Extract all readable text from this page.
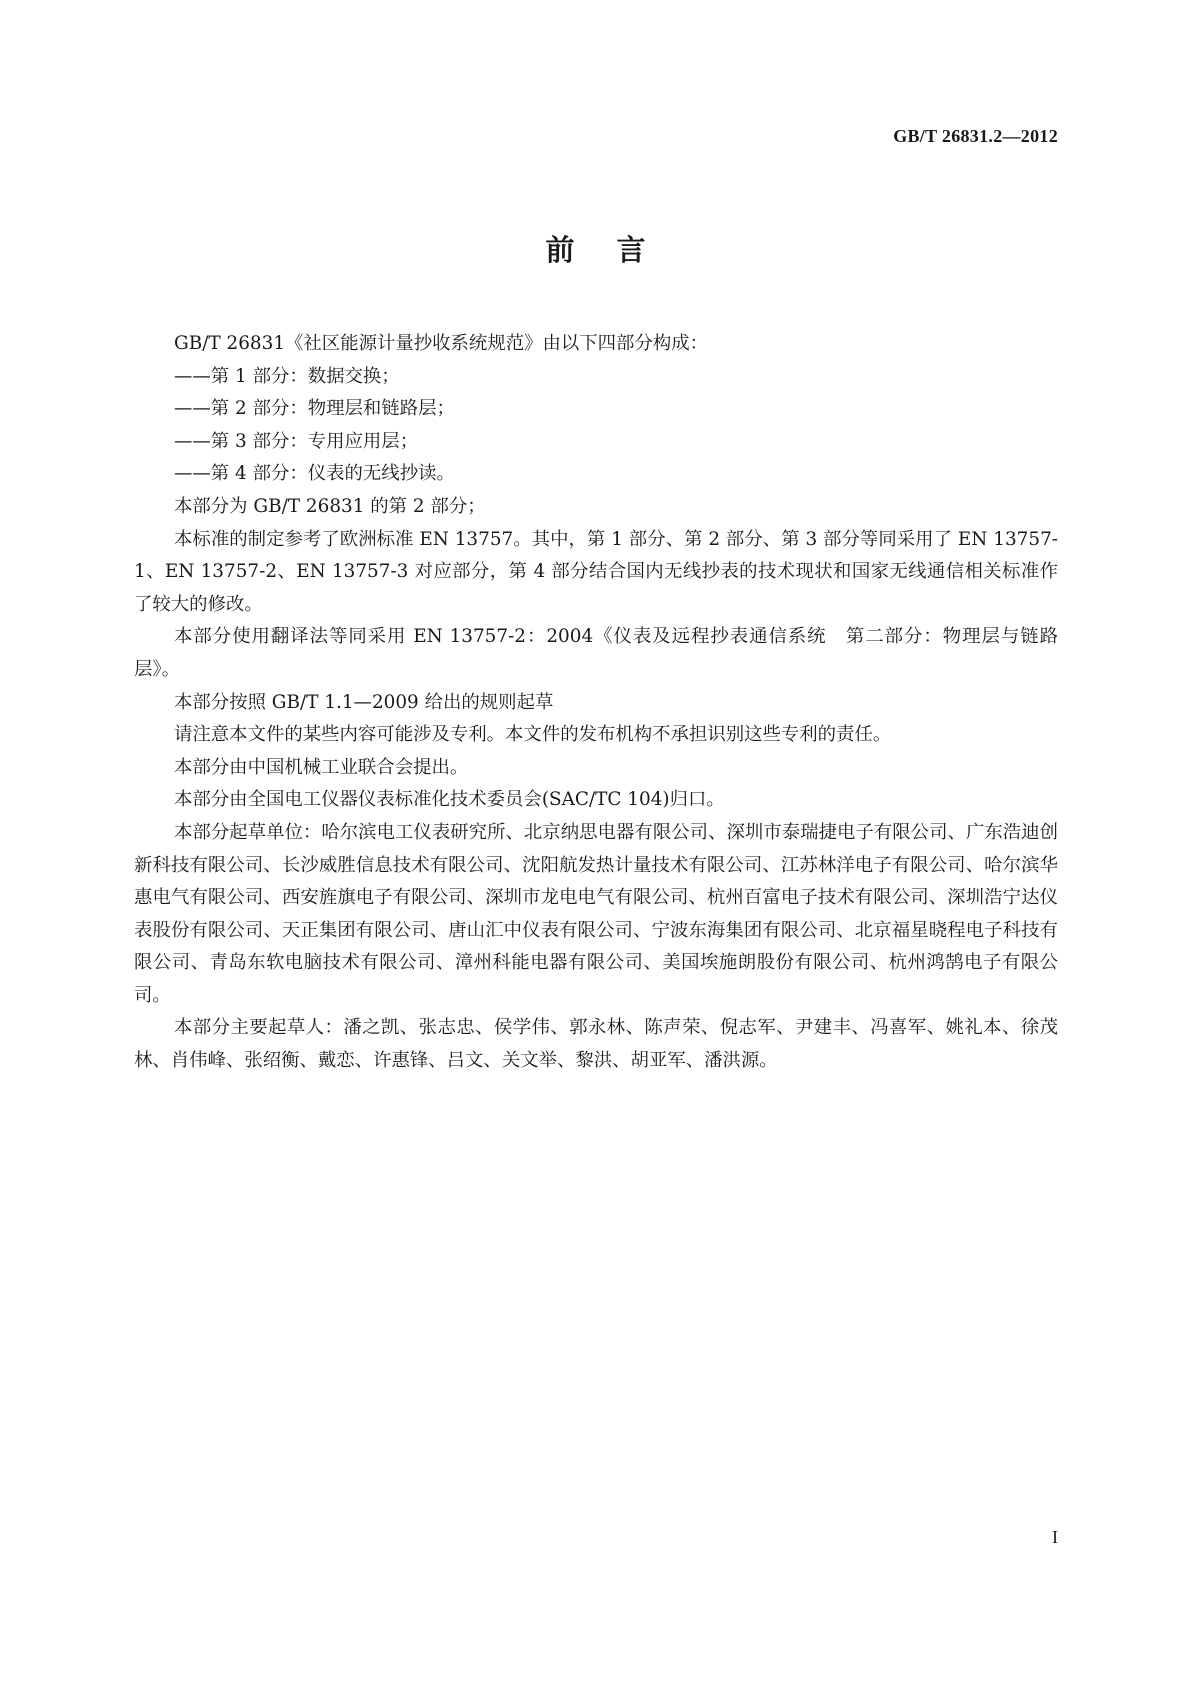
GB/T 26831.2—2012
前言

GB/T 26831《社区能源计量抄收系统规范》由以下四部分构成：

——第 1 部分：数据交换；

——第 2 部分：物理层和链路层；

——第 3 部分：专用应用层；

——第 4 部分：仪表的无线抄读。

本部分为 GB/T 26831 的第 2 部分；

本标准的制定参考了欧洲标准 EN 13757。其中，第 1 部分、第 2 部分、第 3 部分等同采用了 EN 13757-1、EN 13757-2、EN 13757-3 对应部分，第 4 部分结合国内无线抄表的技术现状和国家无线通信相关标准作了较大的修改。

本部分使用翻译法等同采用 EN 13757-2：2004《仪表及远程抄表通信系统　第二部分：物理层与链路层》。

本部分按照 GB/T 1.1—2009 给出的规则起草

请注意本文件的某些内容可能涉及专利。本文件的发布机构不承担识别这些专利的责任。

本部分由中国机械工业联合会提出。

本部分由全国电工仪器仪表标准化技术委员会(SAC/TC 104)归口。

本部分起草单位：哈尔滨电工仪表研究所、北京纳思电器有限公司、深圳市泰瑞捷电子有限公司、广东浩迪创新科技有限公司、长沙威胜信息技术有限公司、沈阳航发热计量技术有限公司、江苏林洋电子有限公司、哈尔滨华惠电气有限公司、西安旌旗电子有限公司、深圳市龙电电气有限公司、杭州百富电子技术有限公司、深圳浩宁达仪表股份有限公司、天正集团有限公司、唐山汇中仪表有限公司、宁波东海集团有限公司、北京福星晓程电子科技有限公司、青岛东软电脑技术有限公司、漳州科能电器有限公司、美国埃施朗股份有限公司、杭州鸿鹄电子有限公司。

本部分主要起草人：潘之凯、张志忠、侯学伟、郭永林、陈声荣、倪志军、尹建丰、冯喜军、姚礼本、徐茂林、肖伟峰、张绍衡、戴恋、许惠锋、吕文、关文举、黎洪、胡亚军、潘洪源。

I
